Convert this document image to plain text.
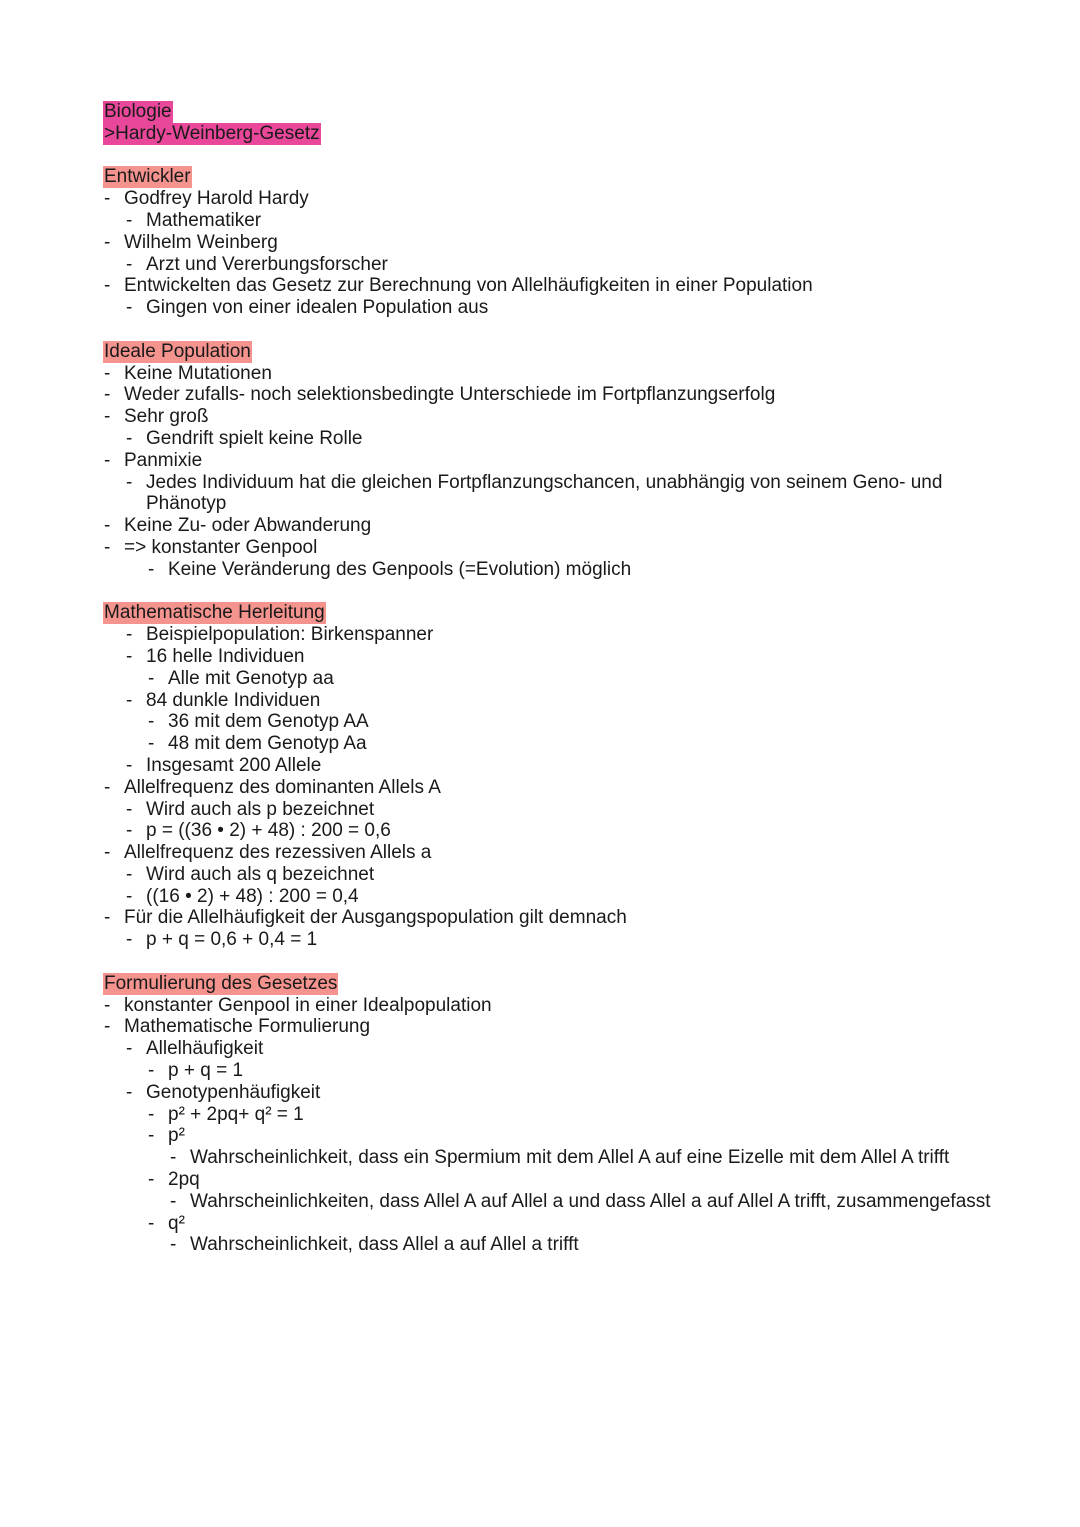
Biologie
>Hardy-Weinberg-Gesetz
Entwickler
- Godfrey Harold Hardy
- Mathematiker
- Wilhelm Weinberg
- Arzt und Vererbungsforscher
- Entwickelten das Gesetz zur Berechnung von Allelhäufigkeiten in einer Population
- Gingen von einer idealen Population aus
Ideale Population
- Keine Mutationen
- Weder zufalls- noch selektionsbedingte Unterschiede im Fortpflanzungserfolg
- Sehr groß
- Gendrift spielt keine Rolle
- Panmixie
- Jedes Individuum hat die gleichen Fortpflanzungschancen, unabhängig von seinem Geno- und Phänotyp
- Keine Zu- oder Abwanderung
- => konstanter Genpool
- Keine Veränderung des Genpools (=Evolution) möglich
Mathematische Herleitung
- Beispielpopulation: Birkenspanner
- 16 helle Individuen
- Alle mit Genotyp aa
- 84 dunkle Individuen
- 36 mit dem Genotyp AA
- 48 mit dem Genotyp Aa
- Insgesamt 200 Allele
- Allelfrequenz des dominanten Allels A
- Wird auch als p bezeichnet
- p = ((36 • 2) + 48) : 200 = 0,6
- Allelfrequenz des rezessiven Allels a
- Wird auch als q bezeichnet
- ((16 • 2) + 48) : 200 = 0,4
- Für die Allelhäufigkeit der Ausgangspopulation gilt demnach
- p + q = 0,6 + 0,4 = 1
Formulierung des Gesetzes
- konstanter Genpool in einer Idealpopulation
- Mathematische Formulierung
- Allelhäufigkeit
- p + q = 1
- Genotypenhäufigkeit
- p² + 2pq+ q² = 1
- p²
- Wahrscheinlichkeit, dass ein Spermium mit dem Allel A auf eine Eizelle mit dem Allel A trifft
- 2pq
- Wahrscheinlichkeiten, dass Allel A auf Allel a und dass Allel a auf Allel A trifft, zusammengefasst
- q²
- Wahrscheinlichkeit, dass Allel a auf Allel a trifft
